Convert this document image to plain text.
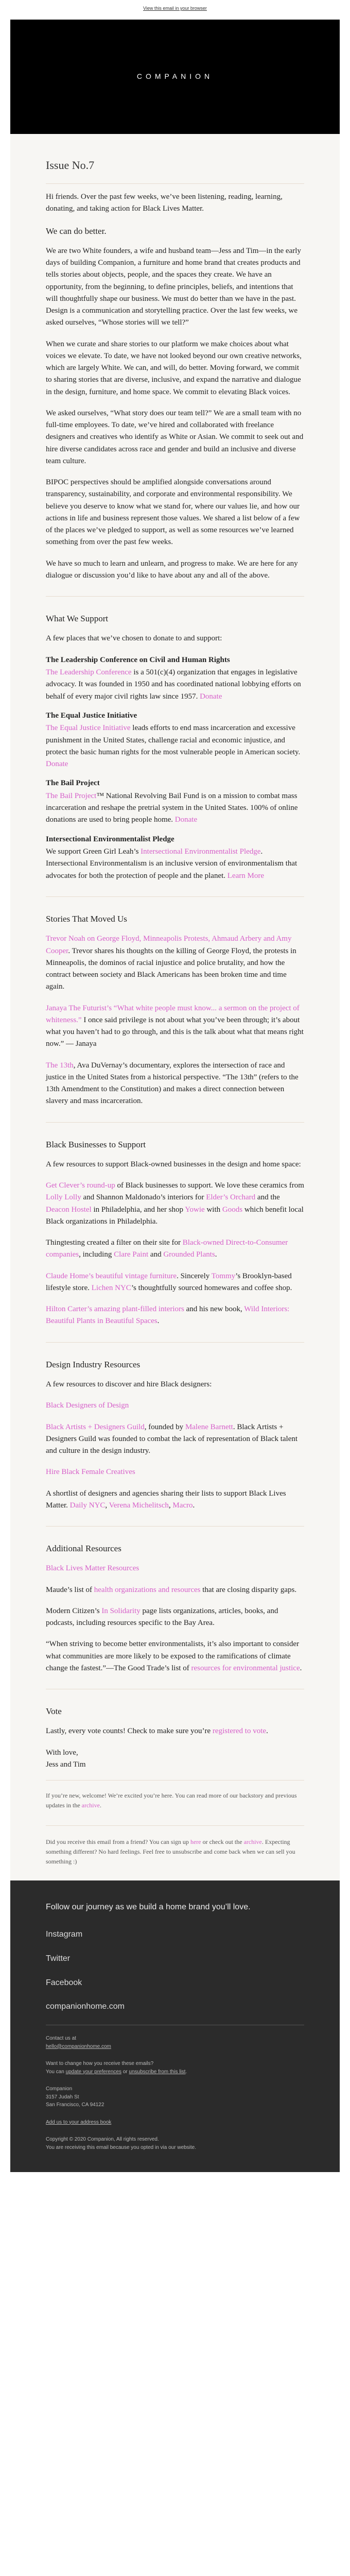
View this email in your browser
COMPANION
Issue No.7

Hi friends. Over the past few weeks, we’ve been listening, reading, learning, donating, and taking action for Black Lives Matter.

We can do better.

We are two White founders, a wife and husband team—Jess and Tim—in the early days of building Companion, a furniture and home brand that creates products and tells stories about objects, people, and the spaces they create. We have an opportunity, from the beginning, to define principles, beliefs, and intentions that will thoughtfully shape our business. We must do better than we have in the past. Design is a communication and storytelling practice. Over the last few weeks, we asked ourselves, “Whose stories will we tell?”

When we curate and share stories to our platform we make choices about what voices we elevate. To date, we have not looked beyond our own creative networks, which are largely White. We can, and will, do better. Moving forward, we commit to sharing stories that are diverse, inclusive, and expand the narrative and dialogue in the design, furniture, and home space. We commit to elevating Black voices.

We asked ourselves, “What story does our team tell?” We are a small team with no full-time employees. To date, we’ve hired and collaborated with freelance designers and creatives who identify as White or Asian. We commit to seek out and hire diverse candidates across race and gender and build an inclusive and diverse team culture.

BIPOC perspectives should be amplified alongside conversations around transparency, sustainability, and corporate and environmental responsibility. We believe you deserve to know what we stand for, where our values lie, and how our actions in life and business represent those values. We shared a list below of a few of the places we’ve pledged to support, as well as some resources we’ve learned something from over the past few weeks.

We have so much to learn and unlearn, and progress to make. We are here for any dialogue or discussion you’d like to have about any and all of the above.

What We Support

A few places that we’ve chosen to donate to and support:

The Leadership Conference on Civil and Human Rights

The Leadership Conference is a 501(c)(4) organization that engages in legislative advocacy. It was founded in 1950 and has coordinated national lobbying efforts on behalf of every major civil rights law since 1957. Donate

The Equal Justice Initiative

The Equal Justice Initiative leads efforts to end mass incarceration and excessive punishment in the United States, challenge racial and economic injustice, and protect the basic human rights for the most vulnerable people in American society. Donate

The Bail Project

The Bail Project™ National Revolving Bail Fund is on a mission to combat mass incarceration and reshape the pretrial system in the United States. 100% of online donations are used to bring people home. Donate

Intersectional Environmentalist Pledge

We support Green Girl Leah’s Intersectional Environmentalist Pledge. Intersectional Environmentalism is an inclusive version of environmentalism that advocates for both the protection of people and the planet. Learn More

Stories That Moved Us

Trevor Noah on George Floyd, Minneapolis Protests, Ahmaud Arbery and Amy Cooper. Trevor shares his thoughts on the killing of George Floyd, the protests in Minneapolis, the dominos of racial injustice and police brutality, and how the contract between society and Black Americans has been broken time and time again.

Janaya The Futurist’s “What white people must know... a sermon on the project of whiteness.” I once said privilege is not about what you’ve been through; it’s about what you haven’t had to go through, and this is the talk about what that means right now.” — Janaya

The 13th, Ava DuVernay’s documentary, explores the intersection of race and justice in the United States from a historical perspective. “The 13th” (refers to the 13th Amendment to the Constitution) and makes a direct connection between slavery and mass incarceration.

Black Businesses to Support

A few resources to support Black-owned businesses in the design and home space:

Get Clever’s round-up of Black businesses to support. We love these ceramics from Lolly Lolly and Shannon Maldonado’s interiors for Elder’s Orchard and the Deacon Hostel in Philadelphia, and her shop Yowie with Goods which benefit local Black organizations in Philadelphia.

Thingtesting created a filter on their site for Black-owned Direct-to-Consumer companies, including Clare Paint and Grounded Plants.

Claude Home’s beautiful vintage furniture. Sincerely Tommy’s Brooklyn-based lifestyle store. Lichen NYC’s thoughtfully sourced homewares and coffee shop.

Hilton Carter’s amazing plant-filled interiors and his new book, Wild Interiors: Beautiful Plants in Beautiful Spaces.

Design Industry Resources

A few resources to discover and hire Black designers:

Black Designers of Design

Black Artists + Designers Guild, founded by Malene Barnett. Black Artists + Designers Guild was founded to combat the lack of representation of Black talent and culture in the design industry.

Hire Black Female Creatives

A shortlist of designers and agencies sharing their lists to support Black Lives Matter. Daily NYC, Verena Michelitsch, Macro.

Additional Resources

Black Lives Matter Resources

Maude’s list of health organizations and resources that are closing disparity gaps.

Modern Citizen’s In Solidarity page lists organizations, articles, books, and podcasts, including resources specific to the Bay Area.

“When striving to become better environmentalists, it’s also important to consider what communities are more likely to be exposed to the ramifications of climate change the fastest.”—The Good Trade’s list of resources for environmental justice.

Vote

Lastly, every vote counts! Check to make sure you’re registered to vote.

With love,
Jess and Tim

If you’re new, welcome! We’re excited you’re here. You can read more of our backstory and previous updates in the archive.
Did you receive this email from a friend? You can sign up here or check out the archive. Expecting something different? No hard feelings. Feel free to unsubscribe and come back when we can sell you something :)
Follow our journey as we build a home brand you’ll love.
Instagram
Twitter
Facebook
companionhome.com
Contact us at
hello@companionhome.com
Want to change how you receive these emails?
You can update your preferences or unsubscribe from this list.
Companion
3157 Judah St
San Francisco, CA 94122
Add us to your address book
Copyright © 2020 Companion, All rights reserved.
You are receiving this email because you opted in via our website.
